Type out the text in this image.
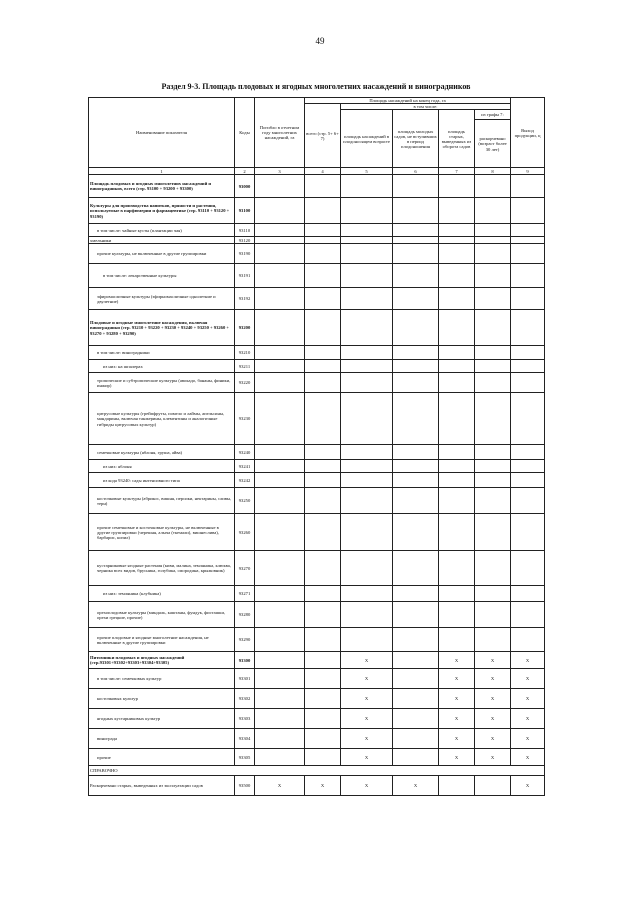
49
Раздел 9-3. Площадь плодовых и ягодных многолетних насаждений и виноградников
Наименование показателя	Коды	Погибло в отчетном году многолетних насаждений, га	Площадь насаждений на конец года, га					Выход продукции, ц
			всего (стр. 5+ 6+ 7)	в том числе:				
				площадь насаждений в плодоносящем возрасте	площадь молодых садов, не вступивших в период плодоношения	площадь старых, выведенных из оборота садов	из графы 7:	
							раскорчевано (возраст более 30 лет)	
1	2	3	4	5	6	7	8	9
Площадь плодовых и ягодных многолетних насаждений и виноградников, всего (стр. 93100 + 93200 + 93300)	93000							
Культуры для производства напитков, пряности и растения, используемые в парфюмерии и фармацевтике (стр. 93110 + 93120 + 93190)	93100							
в том числе: чайные кусты (плантации чая)	93110							
хмельники	93120							
прочие культуры, не включенные в другие группировки	93190							
в том числе: лекарственные культуры	93191							
эфиромасличные культуры (эфирномасличные однолетние и двулетние)	93192							
Плодовые и ягодные многолетние насаждения, включая виноградники (стр. 93210 + 93220 + 93230 + 93240 + 93250 + 93260 + 93270 + 93280 + 93290)	93200							
в том числе: виноградники	93210							
из них: на шпалерах	93211							
тропические и субтропические культуры (авокадо, бананы, финики, инжир)	93220							
цитрусовые культуры (грейпфруты, помело и лаймы, апельсины, мандарины, включая танжерины, клементины и аналогичные гибриды цитрусовых культур)	93230							
семечковые культуры (яблоня, груша, айва)	93240							
из них: яблоня	93241							
из кода 93240: сады интенсивного типа	93242							
косточковые культуры (абрикос, вишня, персики, нектарины, сливы, терн)	93250							
прочие семечковые и косточковые культуры, не включенные в другие группировки (черешня, алыча (ткемали), вишнеслива), барбарис, кизил)	93260							
кустарниковые ягодные растения (киви, малина, земляника, клюква, черника всех видов, брусника, голубика, смородина, крыжовник)	93270							
из них: земляника (клубника)	93271							
орехоплодовые культуры (миндаль, каштаны, фундук, фисташки, орехи грецкие, прочие)	93280							
прочие плодовые и ягодные многолетние насаждения, не включенные в другие группировки	93290							
Питомники плодовых и ягодных насаждений (стр.93301+93302+93303+93304+93305)	93300			X		X	X	X
в том числе: семечковых культур	93301			X		X	X	X
косточковых культур	93302			X		X	X	X
ягодных кустарниковых культур	93303			X		X	X	X
винограда	93304			X		X	X	X
прочие	93305			X		X	X	X
СПРАВОЧНО								
Раскорчевано старых, выведенных из эксплуатации садов	93500	X	X	X	X			X
